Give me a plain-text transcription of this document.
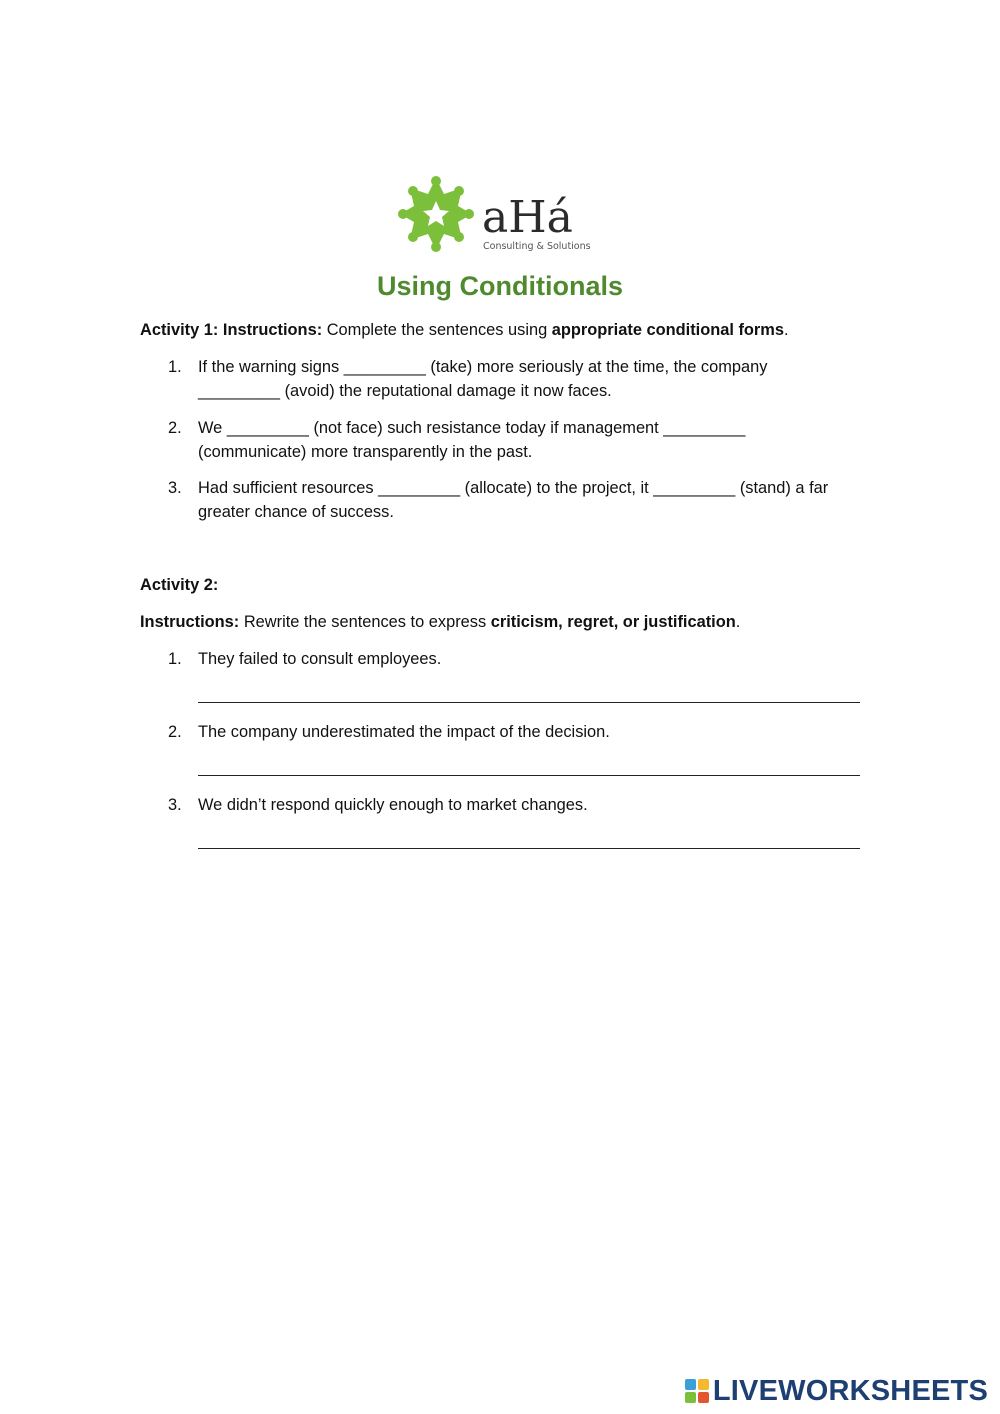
aHá
Consulting & Solutions
Using Conditionals

Activity 1: Instructions: Complete the sentences using appropriate conditional forms.

1. If the warning signs _________ (take) more seriously at the time, the company
_________ (avoid) the reputational damage it now faces.
2. We _________ (not face) such resistance today if management _________
(communicate) more transparently in the past.
3. Had sufficient resources _________ (allocate) to the project, it _________ (stand) a far
greater chance of success.

Activity 2:

Instructions: Rewrite the sentences to express criticism, regret, or justification.

1. They failed to consult employees.
2. The company underestimated the impact of the decision.
3. We didn’t respond quickly enough to market changes.
LIVEWORKSHEETS
